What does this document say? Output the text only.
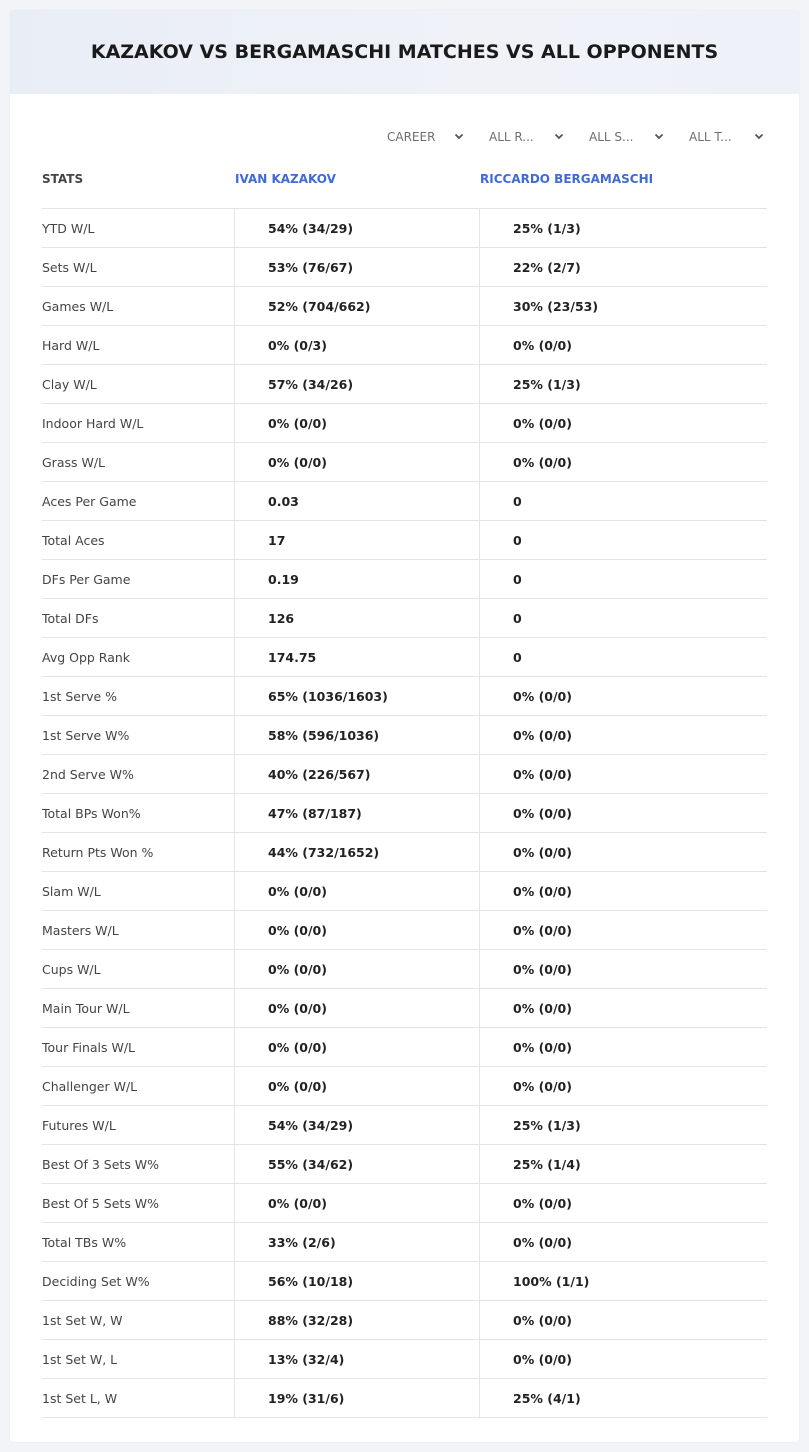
KAZAKOV VS BERGAMASCHI MATCHES VS ALL OPPONENTS
CAREER	ALL R...	ALL S...	ALL T...
STATS	IVAN KAZAKOV	RICCARDO BERGAMASCHI
YTD W/L	54% (34/29)	25% (1/3)
Sets W/L	53% (76/67)	22% (2/7)
Games W/L	52% (704/662)	30% (23/53)
Hard W/L	0% (0/3)	0% (0/0)
Clay W/L	57% (34/26)	25% (1/3)
Indoor Hard W/L	0% (0/0)	0% (0/0)
Grass W/L	0% (0/0)	0% (0/0)
Aces Per Game	0.03	0
Total Aces	17	0
DFs Per Game	0.19	0
Total DFs	126	0
Avg Opp Rank	174.75	0
1st Serve %	65% (1036/1603)	0% (0/0)
1st Serve W%	58% (596/1036)	0% (0/0)
2nd Serve W%	40% (226/567)	0% (0/0)
Total BPs Won%	47% (87/187)	0% (0/0)
Return Pts Won %	44% (732/1652)	0% (0/0)
Slam W/L	0% (0/0)	0% (0/0)
Masters W/L	0% (0/0)	0% (0/0)
Cups W/L	0% (0/0)	0% (0/0)
Main Tour W/L	0% (0/0)	0% (0/0)
Tour Finals W/L	0% (0/0)	0% (0/0)
Challenger W/L	0% (0/0)	0% (0/0)
Futures W/L	54% (34/29)	25% (1/3)
Best Of 3 Sets W%	55% (34/62)	25% (1/4)
Best Of 5 Sets W%	0% (0/0)	0% (0/0)
Total TBs W%	33% (2/6)	0% (0/0)
Deciding Set W%	56% (10/18)	100% (1/1)
1st Set W, W	88% (32/28)	0% (0/0)
1st Set W, L	13% (32/4)	0% (0/0)
1st Set L, W	19% (31/6)	25% (4/1)
